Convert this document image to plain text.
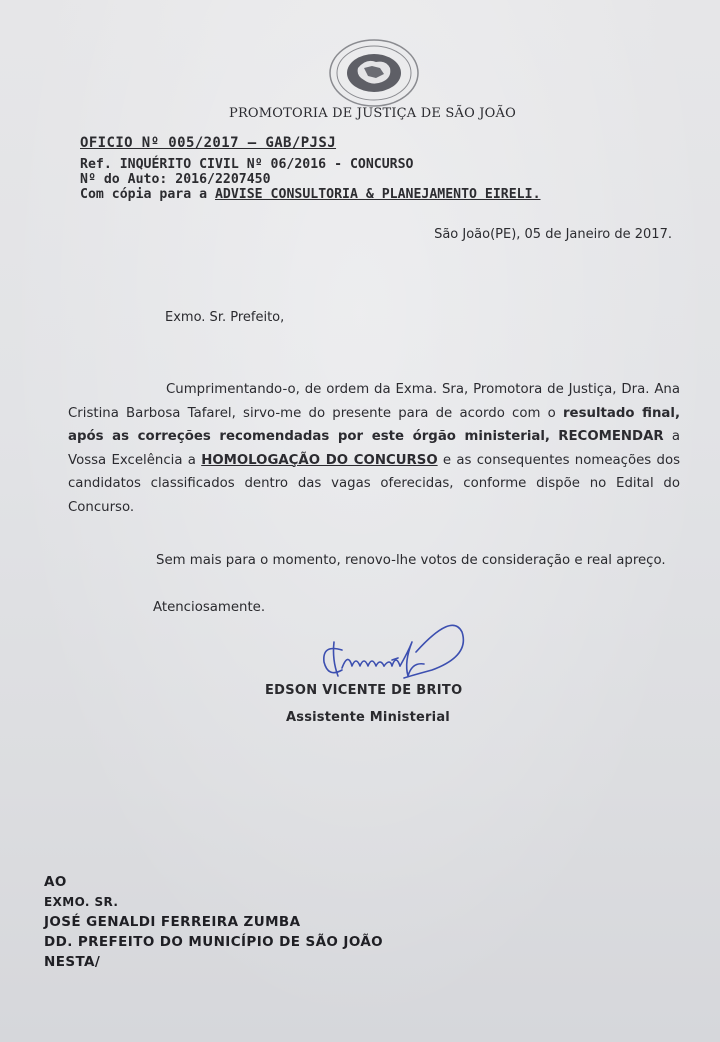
PROMOTORIA DE JUSTIÇA DE SÃO JOÃO
OFICIO Nº 005/2017 – GAB/PJSJ
Ref. INQUÉRITO CIVIL Nº 06/2016 - CONCURSO
Nº do Auto: 2016/2207450
Com cópia para a ADVISE CONSULTORIA & PLANEJAMENTO EIRELI.
São João(PE), 05 de Janeiro de 2017.
Exmo. Sr. Prefeito,
Cumprimentando-o, de ordem da Exma. Sra, Promotora de Justiça, Dra. Ana Cristina Barbosa Tafarel, sirvo-me do presente para de acordo com o resultado final, após as correções recomendadas por este órgão ministerial, RECOMENDAR a Vossa Excelência a HOMOLOGAÇÃO DO CONCURSO e as consequentes nomeações dos candidatos classificados dentro das vagas oferecidas, conforme dispõe no Edital do Concurso.
Sem mais para o momento, renovo-lhe votos de consideração e real apreço.
Atenciosamente.
EDSON VICENTE DE BRITO
Assistente Ministerial
AO
EXMO. SR.
JOSÉ GENALDI FERREIRA ZUMBA
DD. PREFEITO DO MUNICÍPIO DE SÃO JOÃO
NESTA/
